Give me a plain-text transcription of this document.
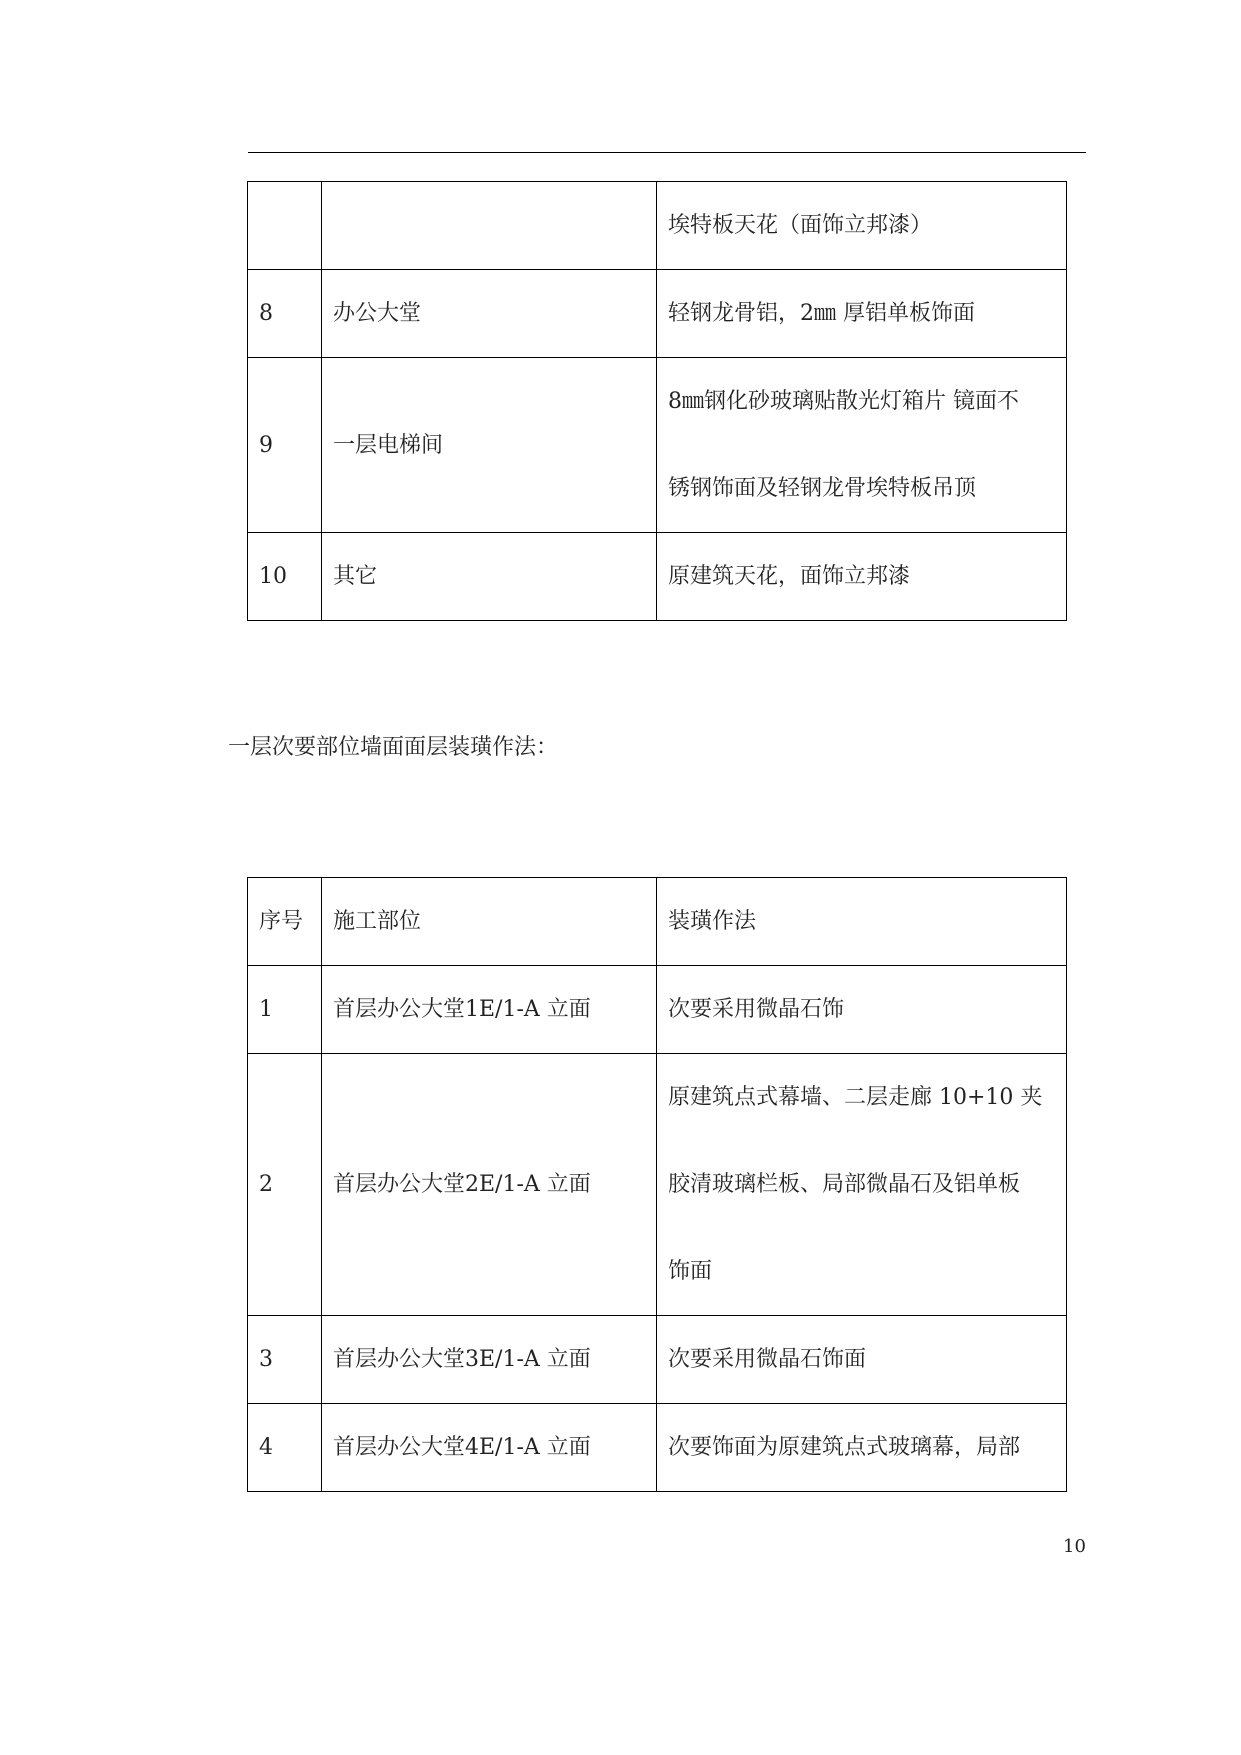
		埃特板天花（面饰立邦漆）

8	办公大堂	轻钢龙骨铝，2㎜ 厚铝单板饰面

9	一层电梯间	8㎜钢化砂玻璃贴散光灯箱片 镜面不
锈钢饰面及轻钢龙骨埃特板吊顶

10	其它	原建筑天花，面饰立邦漆
一层次要部位墙面面层装璜作法：
序号	施工部位	装璜作法
1	首层办公大堂1E/1-A 立面	次要采用微晶石饰

2	首层办公大堂2E/1-A 立面	原建筑点式幕墙、二层走廊 10+10 夹
胶清玻璃栏板、局部微晶石及铝单板
饰面

3	首层办公大堂3E/1-A 立面	次要采用微晶石饰面

4	首层办公大堂4E/1-A 立面	次要饰面为原建筑点式玻璃幕，局部
10
